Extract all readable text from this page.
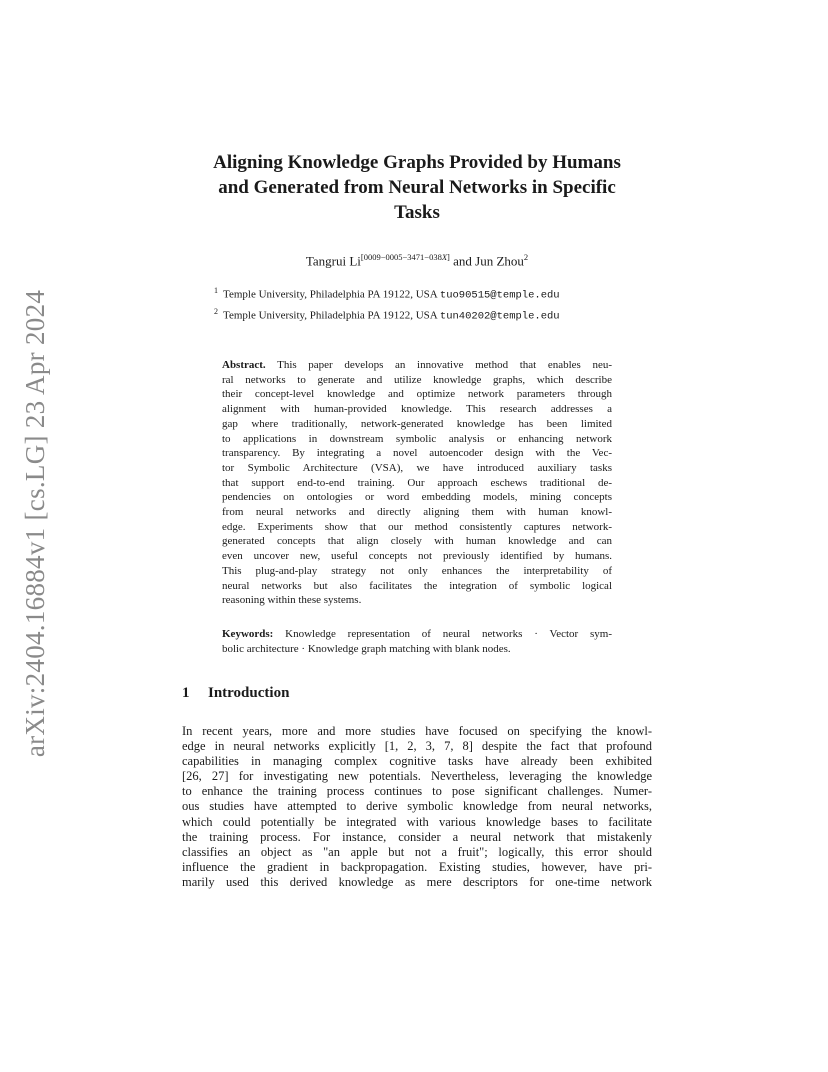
arXiv:2404.16884v1 [cs.LG] 23 Apr 2024
Aligning Knowledge Graphs Provided by Humans
and Generated from Neural Networks in Specific
Tasks
Tangrui Li[0009−0005−3471−038X] and Jun Zhou$^2$
$^1$ Temple University, Philadelphia PA 19122, USA tuo90515@temple.edu
$^2$ Temple University, Philadelphia PA 19122, USA tun40202@temple.edu
Abstract. This paper develops an innovative method that enables neu-
ral networks to generate and utilize knowledge graphs, which describe
their concept-level knowledge and optimize network parameters through
alignment with human-provided knowledge. This research addresses a
gap where traditionally, network-generated knowledge has been limited
to applications in downstream symbolic analysis or enhancing network
transparency. By integrating a novel autoencoder design with the Vec-
tor Symbolic Architecture (VSA), we have introduced auxiliary tasks
that support end-to-end training. Our approach eschews traditional de-
pendencies on ontologies or word embedding models, mining concepts
from neural networks and directly aligning them with human knowl-
edge. Experiments show that our method consistently captures network-
generated concepts that align closely with human knowledge and can
even uncover new, useful concepts not previously identified by humans.
This plug-and-play strategy not only enhances the interpretability of
neural networks but also facilitates the integration of symbolic logical
reasoning within these systems.
Keywords: Knowledge representation of neural networks · Vector sym-
bolic architecture · Knowledge graph matching with blank nodes.
1 Introduction
In recent years, more and more studies have focused on specifying the knowl-
edge in neural networks explicitly [1, 2, 3, 7, 8] despite the fact that profound
capabilities in managing complex cognitive tasks have already been exhibited
[26, 27] for investigating new potentials. Nevertheless, leveraging the knowledge
to enhance the training process continues to pose significant challenges. Numer-
ous studies have attempted to derive symbolic knowledge from neural networks,
which could potentially be integrated with various knowledge bases to facilitate
the training process. For instance, consider a neural network that mistakenly
classifies an object as "an apple but not a fruit"; logically, this error should
influence the gradient in backpropagation. Existing studies, however, have pri-
marily used this derived knowledge as mere descriptors for one-time network
